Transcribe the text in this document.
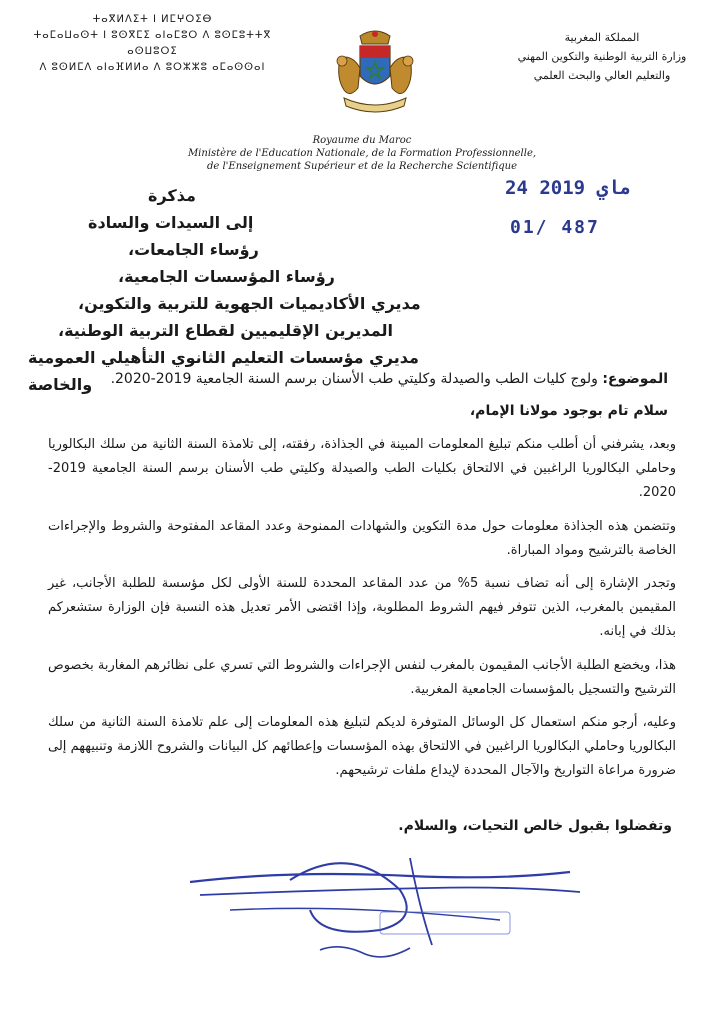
المملكة المغربية
وزارة التربية الوطنية والتكوين المهني
والتعليم العالي والبحث العلمي
ⵜⴰⴳⵍⴷⵉⵜ ⵏ ⵍⵎⵖⵔⵉⴱ
ⵜⴰⵎⴰⵡⴰⵙⵜ ⵏ ⵓⵙⴳⵎⵉ ⴰⵏⴰⵎⵓⵔ ⴷ ⵓⵙⵎⵓⵜⵜⴳ ⴰⵙⵡⵓⵔⵉ
ⴷ ⵓⵙⵍⵎⴷ ⴰⵏⴰⴼⵍⵍⴰ ⴷ ⵓⵔⵣⵣⵓ ⴰⵎⴰⵙⵙⴰⵏ
Royaume du Maroc
Ministère de l'Education Nationale, de la Formation Professionnelle,
de l'Enseignement Supérieur et de la Recherche Scientifique
24 ماي 2019
01/ 487
مذكرة
إلى السيدات والسادة
رؤساء الجامعات،
رؤساء المؤسسات الجامعية،
مديري الأكاديميات الجهوية للتربية والتكوين،
المديرين الإقليميين لقطاع التربية الوطنية،
مديري مؤسسات التعليم الثانوي التأهيلي العمومية والخاصة	الموضوع: ولوج كليات الطب والصيدلة وكليتي طب الأسنان برسم السنة الجامعية 2019-2020.
سلام تام بوجود مولانا الإمام،
وبعد، يشرفني أن أطلب منكم تبليغ المعلومات المبينة في الجذاذة، رفقته، إلى تلامذة السنة الثانية من سلك البكالوريا وحاملي البكالوريا الراغبين في الالتحاق بكليات الطب والصيدلة وكليتي طب الأسنان برسم السنة الجامعية 2019-2020.
وتتضمن هذه الجذاذة معلومات حول مدة التكوين والشهادات الممنوحة وعدد المقاعد المفتوحة والشروط والإجراءات الخاصة بالترشيح ومواد المباراة.
وتجدر الإشارة إلى أنه تضاف نسبة 5% من عدد المقاعد المحددة للسنة الأولى لكل مؤسسة للطلبة الأجانب، غير المقيمين بالمغرب، الذين تتوفر فيهم الشروط المطلوبة، وإذا اقتضى الأمر تعديل هذه النسبة فإن الوزارة ستشعركم بذلك في إبانه.
هذا، ويخضع الطلبة الأجانب المقيمون بالمغرب لنفس الإجراءات والشروط التي تسري على نظائرهم المغاربة بخصوص الترشيح والتسجيل بالمؤسسات الجامعية المغربية.
وعليه، أرجو منكم استعمال كل الوسائل المتوفرة لديكم لتبليغ هذه المعلومات إلى علم تلامذة السنة الثانية من سلك البكالوريا وحاملي البكالوريا الراغبين في الالتحاق بهذه المؤسسات وإعطائهم كل البيانات والشروح اللازمة وتنبيههم إلى ضرورة مراعاة التواريخ والآجال المحددة لإيداع ملفات ترشيحهم.
وتفضلوا بقبول خالص التحيات، والسلام.
